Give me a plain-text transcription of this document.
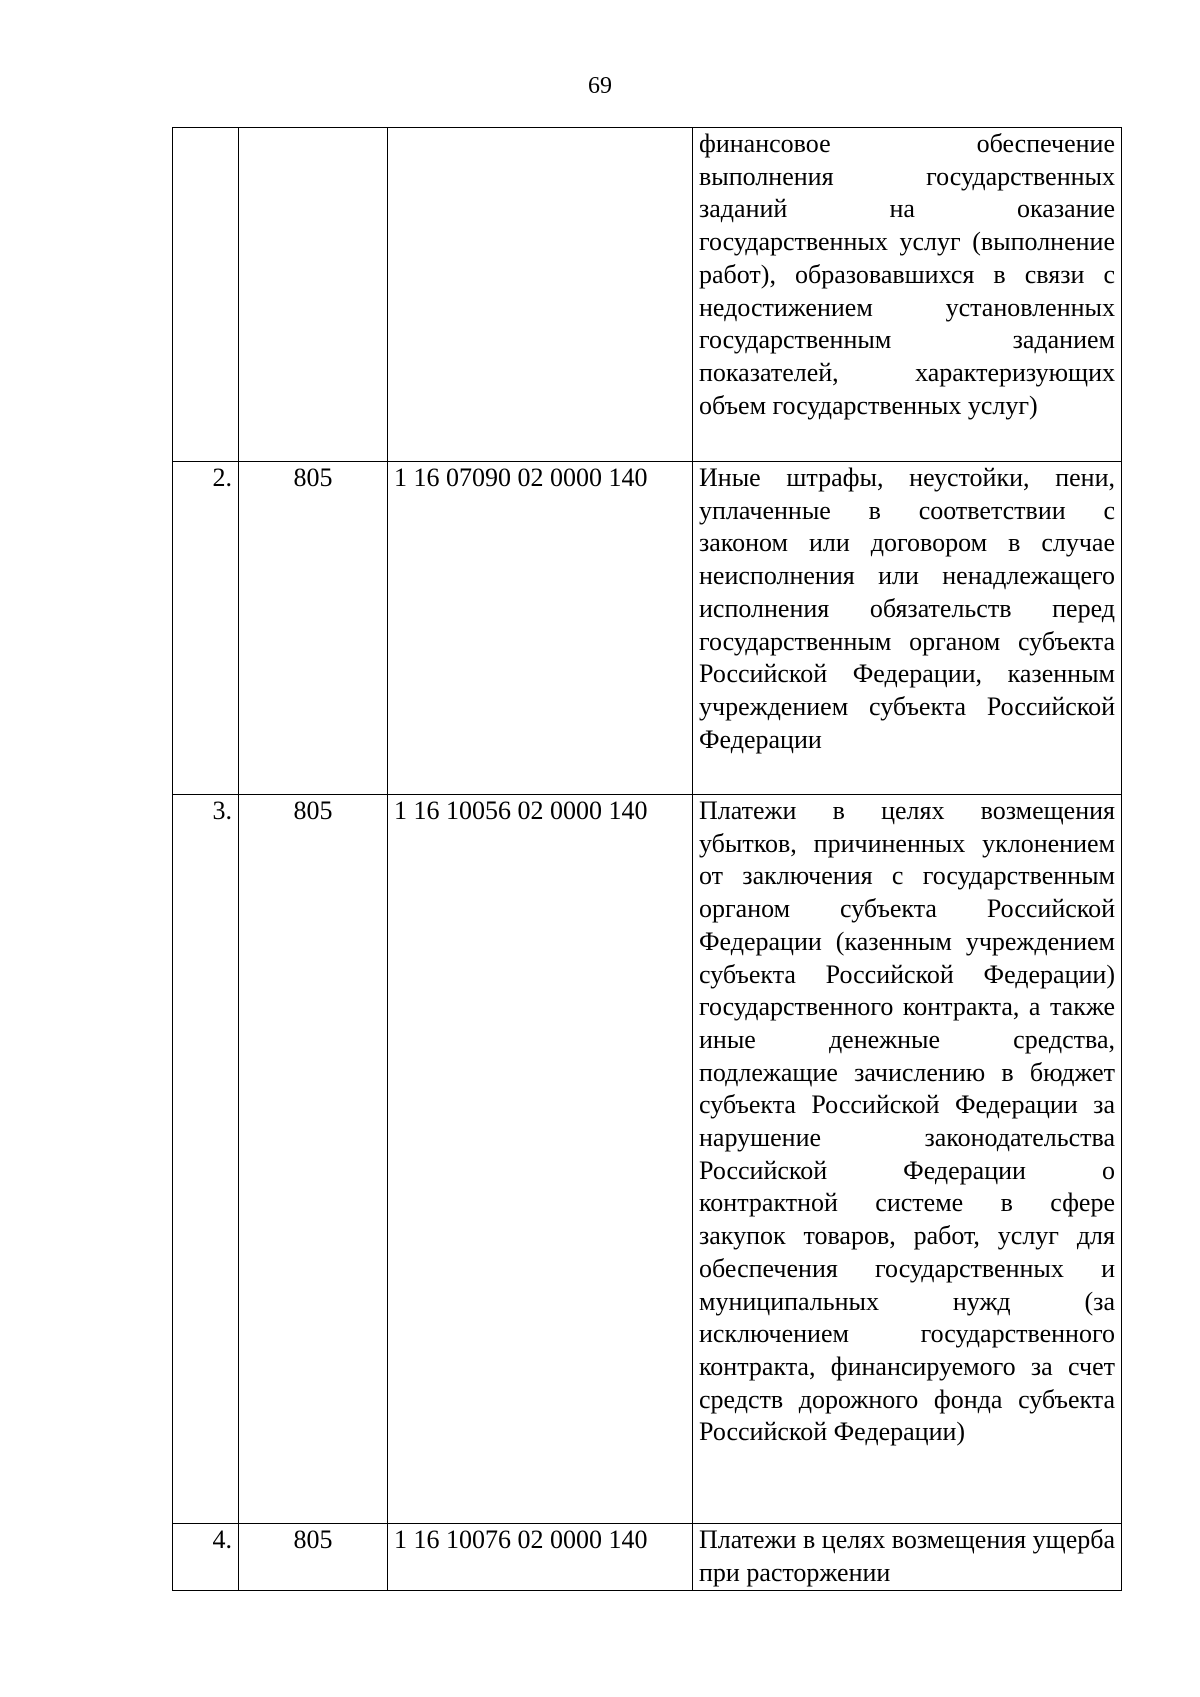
69
			финансовое обеспечение выполнения государственных заданий на оказание государственных услуг (выполнение работ), образовавшихся в связи с недостижением установленных государственным заданием показателей, характеризующих объем государственных услуг)
2.	805	1 16 07090 02 0000 140	Иные штрафы, неустойки, пени, уплаченные в соответствии с законом или договором в случае неисполнения или ненадлежащего исполнения обязательств перед государственным органом субъекта Российской Федерации, казенным учреждением субъекта Российской Федерации
3.	805	1 16 10056 02 0000 140	Платежи в целях возмещения убытков, причиненных уклонением от заключения с государственным органом субъекта Российской Федерации (казенным учреждением субъекта Российской Федерации) государственного контракта, а также иные денежные средства, подлежащие зачислению в бюджет субъекта Российской Федерации за нарушение законодательства Российской Федерации о контрактной системе в сфере закупок товаров, работ, услуг для обеспечения государственных и муниципальных нужд (за исключением государственного контракта, финансируемого за счет средств дорожного фонда субъекта Российской Федерации)
4.	805	1 16 10076 02 0000 140	Платежи в целях возмещения ущерба при расторжении
